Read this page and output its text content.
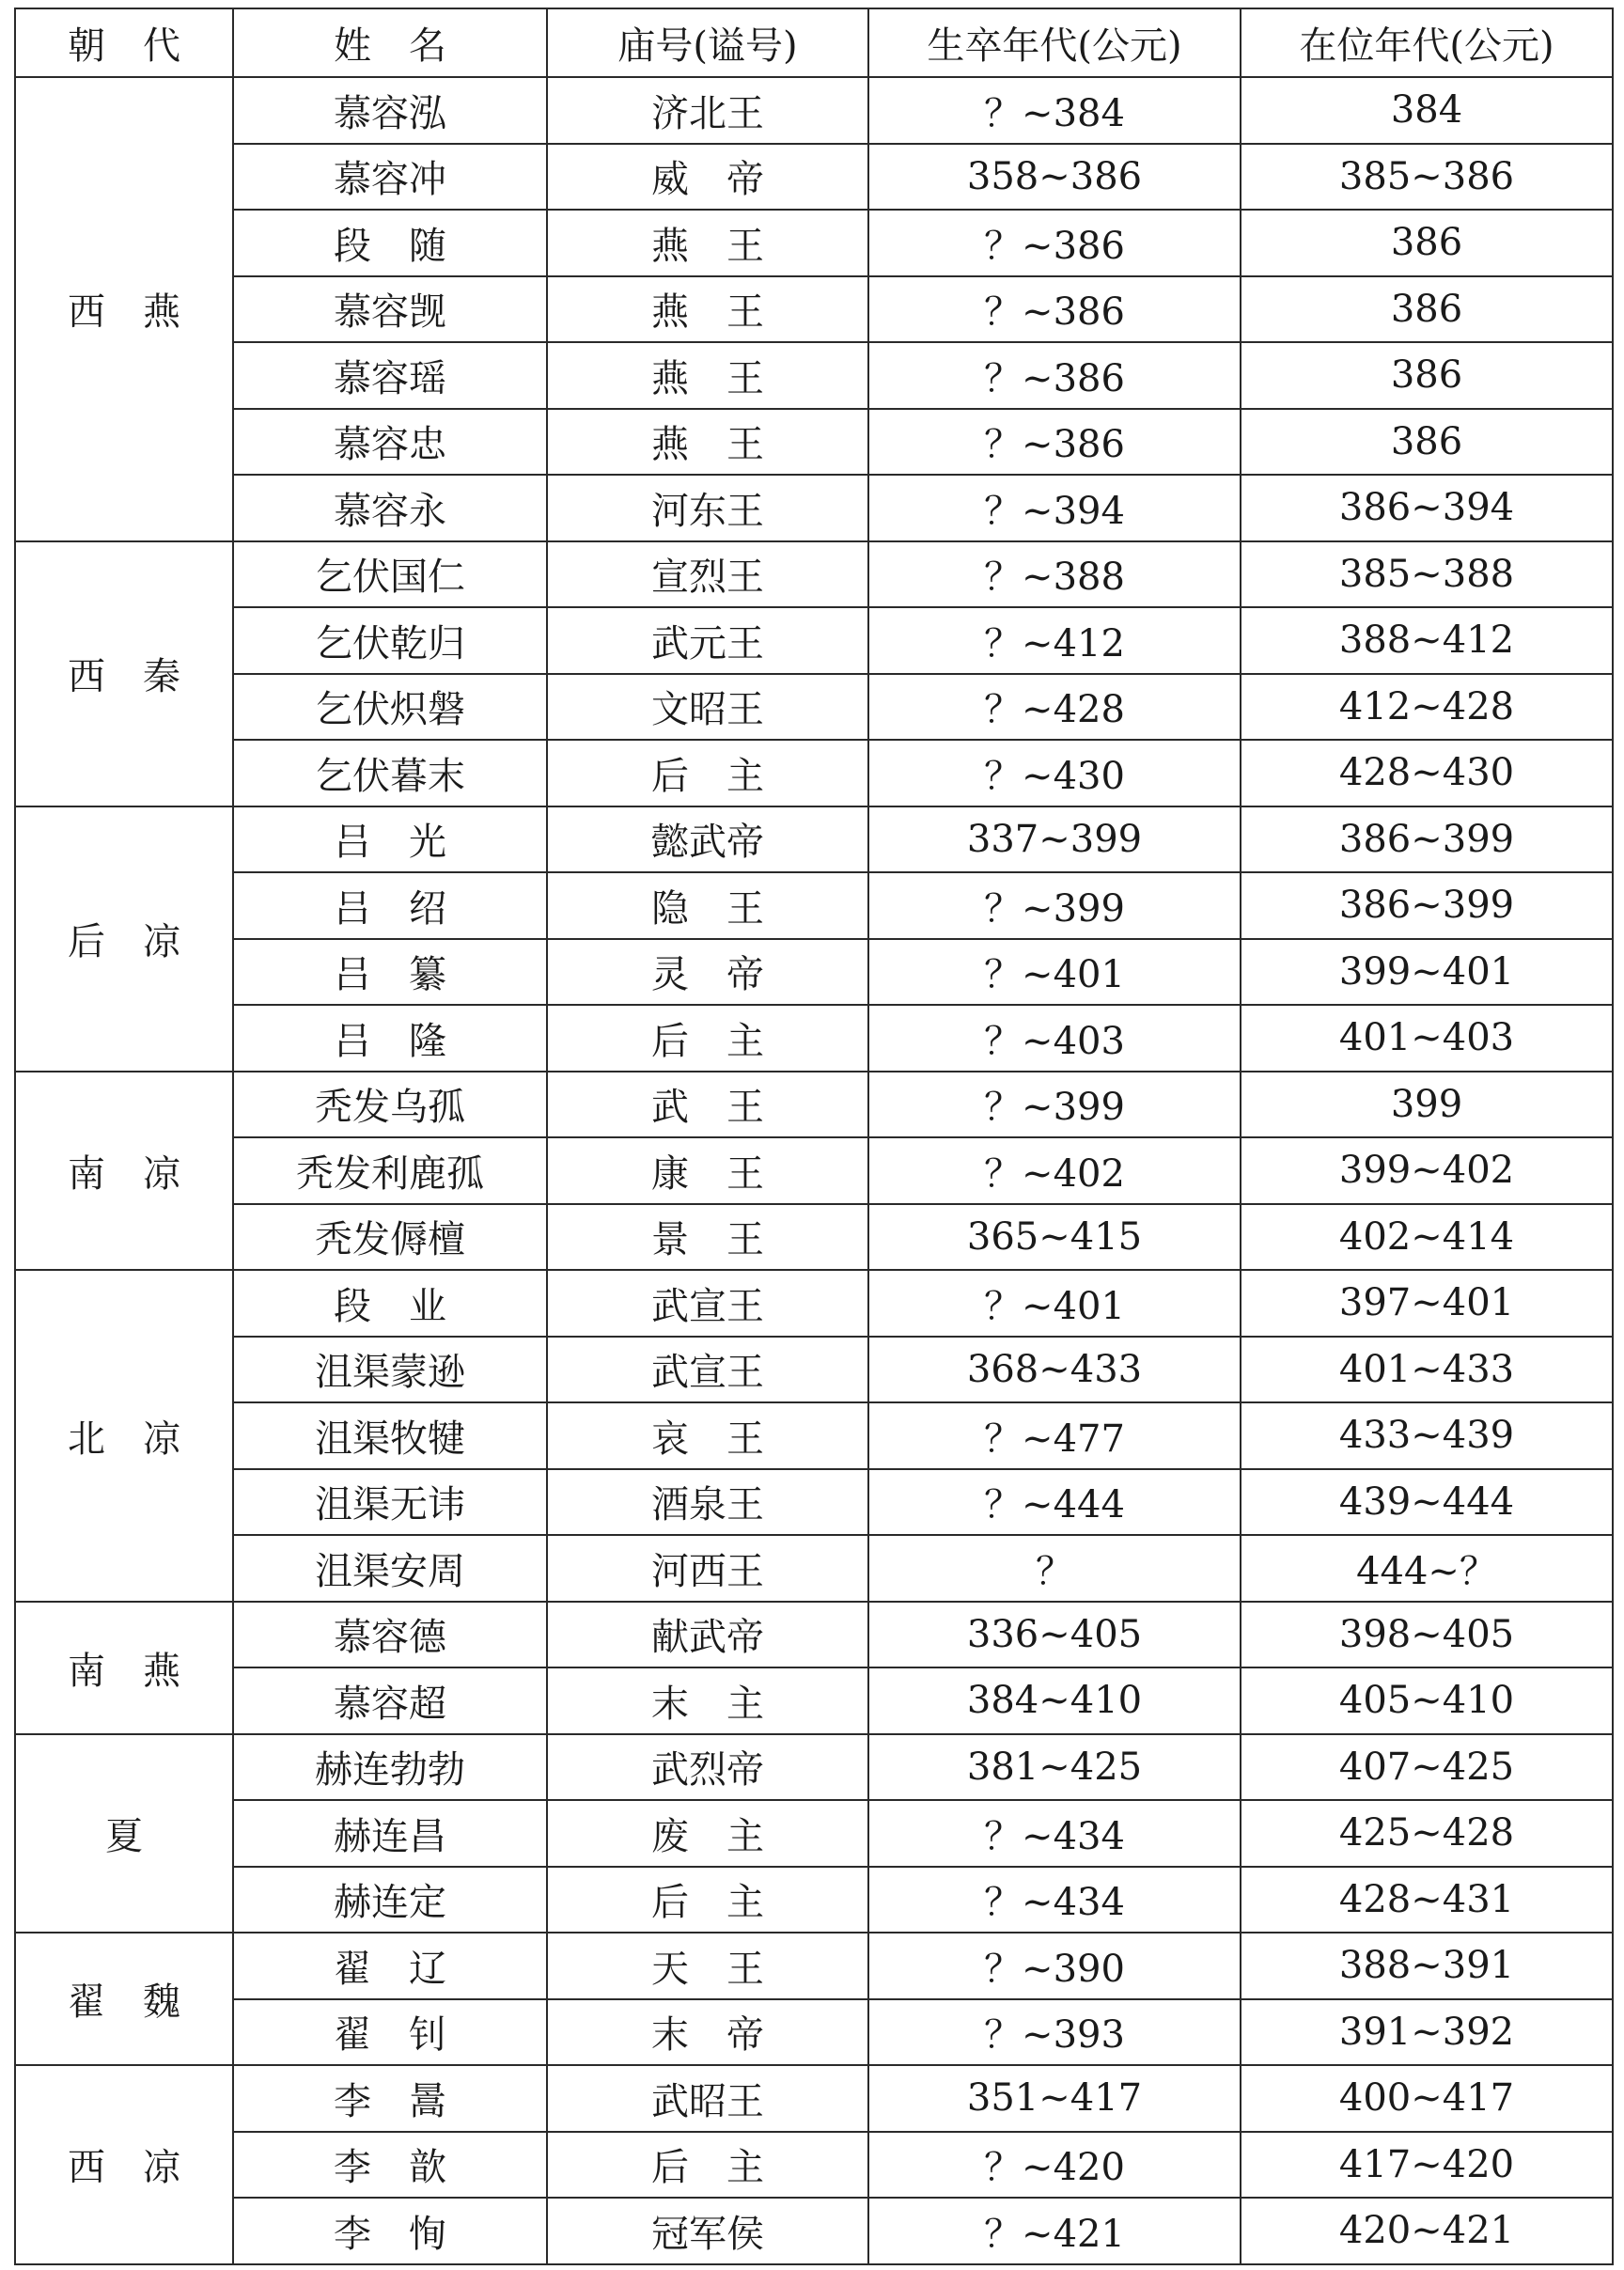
朝　代	姓　名	庙号(谥号)	生卒年代(公元)	在位年代(公元)
西　燕	慕容泓	济北王	？~384	384
	慕容冲	威　帝	358~386	385~386
	段　随	燕　王	？~386	386
	慕容觊	燕　王	？~386	386
	慕容瑶	燕　王	？~386	386
	慕容忠	燕　王	？~386	386
	慕容永	河东王	？~394	386~394
西　秦	乞伏国仁	宣烈王	？~388	385~388
	乞伏乾归	武元王	？~412	388~412
	乞伏炽磐	文昭王	？~428	412~428
	乞伏暮末	后　主	？~430	428~430
后　凉	吕　光	懿武帝	337~399	386~399
	吕　绍	隐　王	？~399	386~399
	吕　纂	灵　帝	？~401	399~401
	吕　隆	后　主	？~403	401~403
南　凉	秃发乌孤	武　王	？~399	399
	秃发利鹿孤	康　王	？~402	399~402
	秃发傉檀	景　王	365~415	402~414
北　凉	段　业	武宣王	？~401	397~401
	沮渠蒙逊	武宣王	368~433	401~433
	沮渠牧犍	哀　王	？~477	433~439
	沮渠无讳	酒泉王	？~444	439~444
	沮渠安周	河西王	？	444~？
南　燕	慕容德	献武帝	336~405	398~405
	慕容超	末　主	384~410	405~410
夏	赫连勃勃	武烈帝	381~425	407~425
	赫连昌	废　主	？~434	425~428
	赫连定	后　主	？~434	428~431
翟　魏	翟　辽	天　王	？~390	388~391
	翟　钊	末　帝	？~393	391~392
西　凉	李　暠	武昭王	351~417	400~417
	李　歆	后　主	？~420	417~420
	李　恂	冠军侯	？~421	420~421
